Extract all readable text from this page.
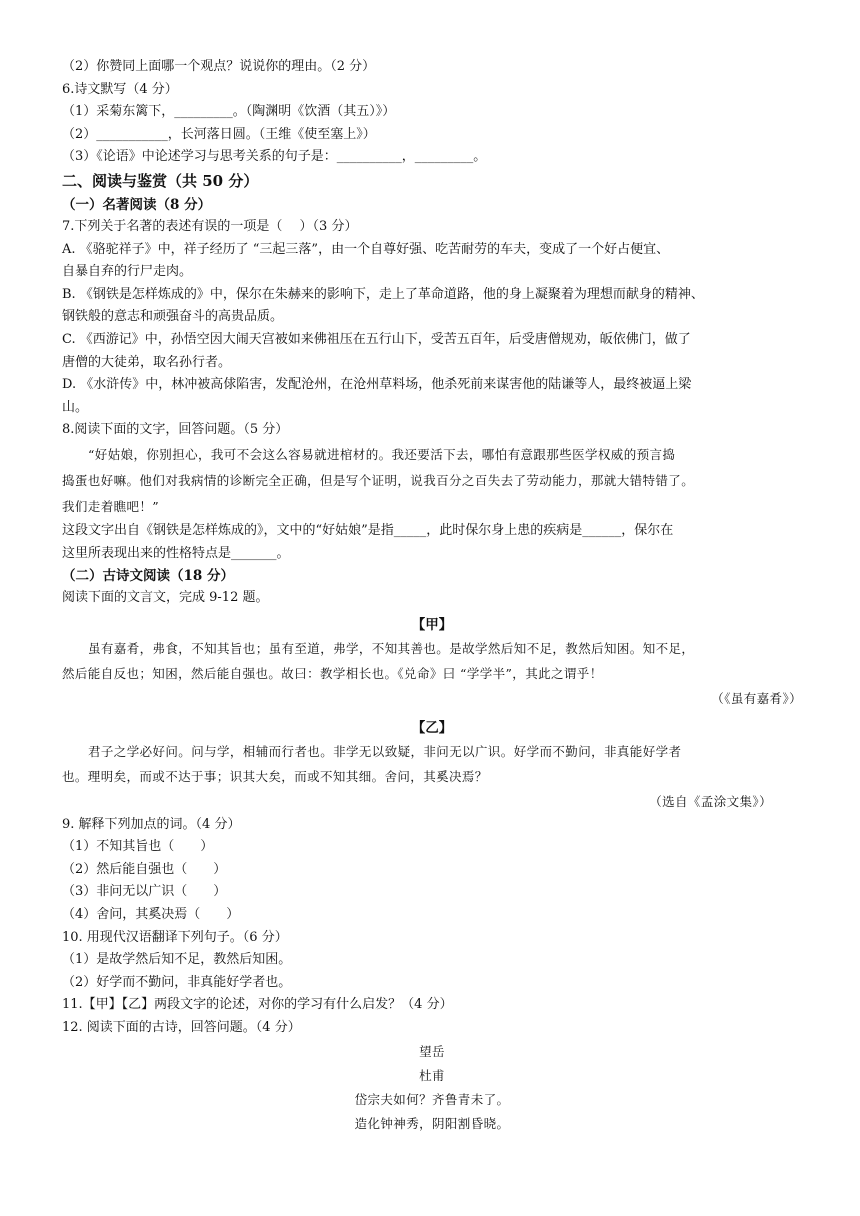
（2）你赞同上面哪一个观点？说说你的理由。（2 分）
6.诗文默写（4 分）
（1）采菊东篱下，_________。（陶渊明《饮酒（其五）》）
（2）___________，长河落日圆。（王维《使至塞上》）
（3）《论语》中论述学习与思考关系的句子是：__________，_________。
二、阅读与鉴赏（共 50 分）
（一）名著阅读（8 分）
7.下列关于名著的表述有误的一项是（　 ）（3 分）
A. 《骆驼祥子》中，祥子经历了 “三起三落”，由一个自尊好强、吃苦耐劳的车夫，变成了一个好占便宜、
自暴自弃的行尸走肉。
B. 《钢铁是怎样炼成的》中，保尔在朱赫来的影响下，走上了革命道路，他的身上凝聚着为理想而献身的精神、
钢铁般的意志和顽强奋斗的高贵品质。
C. 《西游记》中，孙悟空因大闹天宫被如来佛祖压在五行山下，受苦五百年，后受唐僧规劝，皈依佛门，做了
唐僧的大徒弟，取名孙行者。
D. 《水浒传》中，林冲被高俅陷害，发配沧州，在沧州草料场，他杀死前来谋害他的陆谦等人，最终被逼上梁
山。
8.阅读下面的文字，回答问题。（5 分）
“好姑娘，你别担心，我可不会这么容易就进棺材的。我还要活下去，哪怕有意跟那些医学权威的预言捣
捣蛋也好嘛。他们对我病情的诊断完全正确，但是写个证明，说我百分之百失去了劳动能力，那就大错特错了。
我们走着瞧吧！”
这段文字出自《钢铁是怎样炼成的》，文中的“好姑娘”是指_____，此时保尔身上患的疾病是______，保尔在
这里所表现出来的性格特点是_______。
（二）古诗文阅读（18 分）
阅读下面的文言文，完成 9-12 题。
【甲】
虽有嘉肴，弗食，不知其旨也；虽有至道，弗学，不知其善也。是故学然后知不足，教然后知困。知不足，
然后能自反也；知困，然后能自强也。故曰：教学相长也。《兑命》曰 “学学半”，其此之谓乎！
（《虽有嘉肴》）
【乙】
君子之学必好问。问与学，相辅而行者也。非学无以致疑，非问无以广识。好学而不勤问，非真能好学者
也。理明矣，而或不达于事；识其大矣，而或不知其细。舍问，其奚决焉？
（选自《孟涂文集》）
9. 解释下列加点的词。（4 分）
（1）不知其旨也（　　）
（2）然后能自强也（　　）
（3）非问无以广识（　　）
（4）舍问，其奚决焉（　　）
10. 用现代汉语翻译下列句子。（6 分）
（1）是故学然后知不足，教然后知困。
（2）好学而不勤问，非真能好学者也。
11.【甲】【乙】两段文字的论述，对你的学习有什么启发？（4 分）
12. 阅读下面的古诗，回答问题。（4 分）
望岳
杜甫
岱宗夫如何？齐鲁青未了。
造化钟神秀，阴阳割昏晓。
